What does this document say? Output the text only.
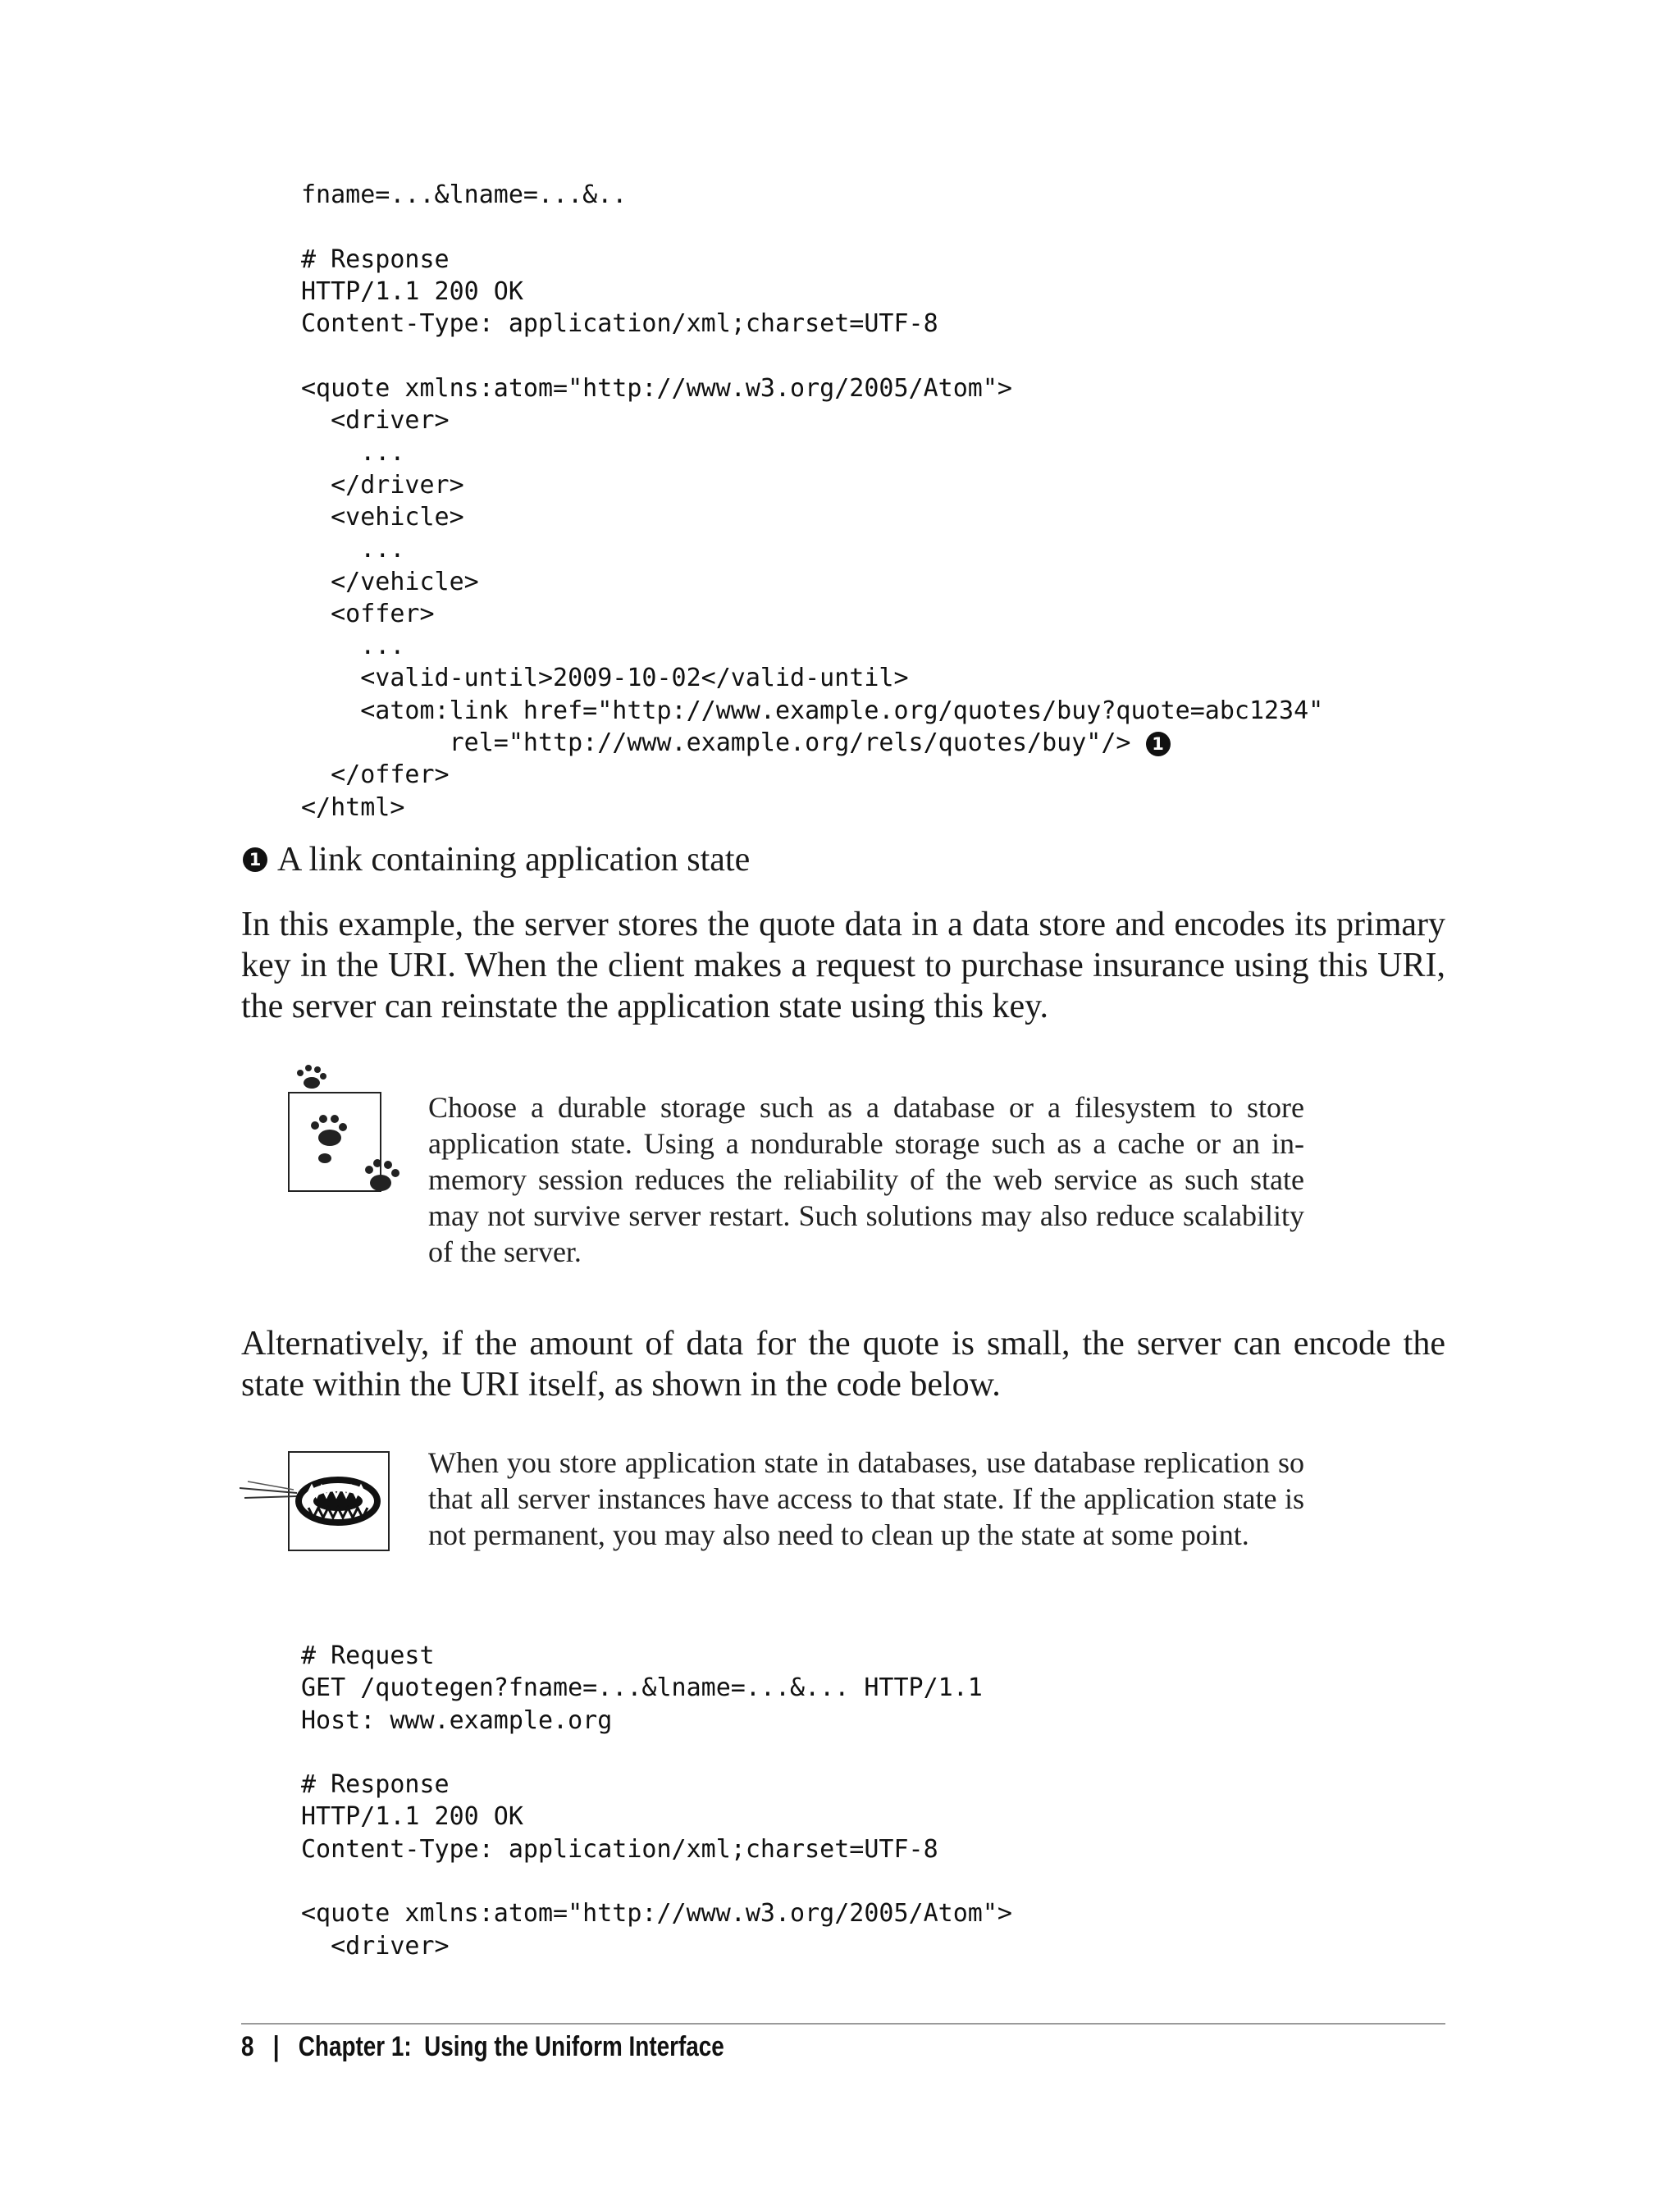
fname=...&lname=...&..
# Response
HTTP/1.1 200 OK
Content-Type: application/xml;charset=UTF-8
<quote xmlns:atom="http://www.w3.org/2005/Atom">
<driver>
...
</driver>
<vehicle>
...
</vehicle>
<offer>
...
<valid-until>2009-10-02</valid-until>
<atom:link href="http://www.example.org/quotes/buy?quote=abc1234"
rel="http://www.example.org/rels/quotes/buy"/> 1
</offer>
</html>
1 A link containing application state

In this example, the server stores the quote data in a data store and encodes its primary key in the URI. When the client makes a request to purchase insurance using this URI, the server can reinstate the application state using this key.

Choose a durable storage such as a database or a filesystem to store application state. Using a nondurable storage such as a cache or an in-memory session reduces the reliability of the web service as such state may not survive server restart. Such solutions may also reduce scalability of the server.

Alternatively, if the amount of data for the quote is small, the server can encode the state within the URI itself, as shown in the code below.

When you store application state in databases, use database replication so that all server instances have access to that state. If the application state is not permanent, you may also need to clean up the state at some point.

# Request
GET /quotegen?fname=...&lname=...&... HTTP/1.1
Host: www.example.org
# Response
HTTP/1.1 200 OK
Content-Type: application/xml;charset=UTF-8
<quote xmlns:atom="http://www.w3.org/2005/Atom">
<driver>
8 | Chapter 1:  Using the Uniform Interface
